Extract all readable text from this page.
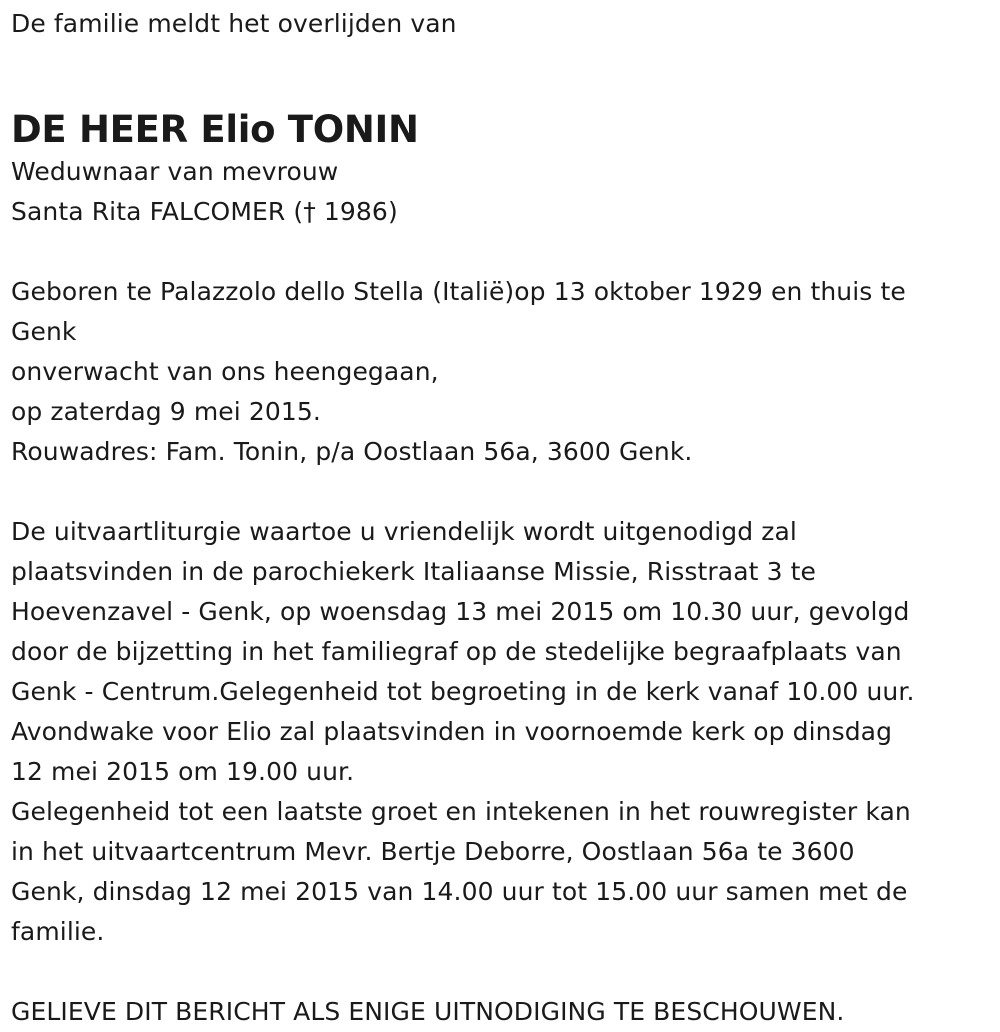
De familie meldt het overlijden van
DE HEER Elio TONIN
Weduwnaar van mevrouw
Santa Rita FALCOMER († 1986)
Geboren te Palazzolo dello Stella (Italië)op 13 oktober 1929 en thuis te
Genk
onverwacht van ons heengegaan,
op zaterdag 9 mei 2015.
Rouwadres: Fam. Tonin, p/a Oostlaan 56a, 3600 Genk.
De uitvaartliturgie waartoe u vriendelijk wordt uitgenodigd zal
plaatsvinden in de parochiekerk Italiaanse Missie, Risstraat 3 te
Hoevenzavel - Genk, op woensdag 13 mei 2015 om 10.30 uur, gevolgd
door de bijzetting in het familiegraf op de stedelijke begraafplaats van
Genk - Centrum.Gelegenheid tot begroeting in de kerk vanaf 10.00 uur.
Avondwake voor Elio zal plaatsvinden in voornoemde kerk op dinsdag
12 mei 2015 om 19.00 uur.
Gelegenheid tot een laatste groet en intekenen in het rouwregister kan
in het uitvaartcentrum Mevr. Bertje Deborre, Oostlaan 56a te 3600
Genk, dinsdag 12 mei 2015 van 14.00 uur tot 15.00 uur samen met de
familie.
GELIEVE DIT BERICHT ALS ENIGE UITNODIGING TE BESCHOUWEN.
